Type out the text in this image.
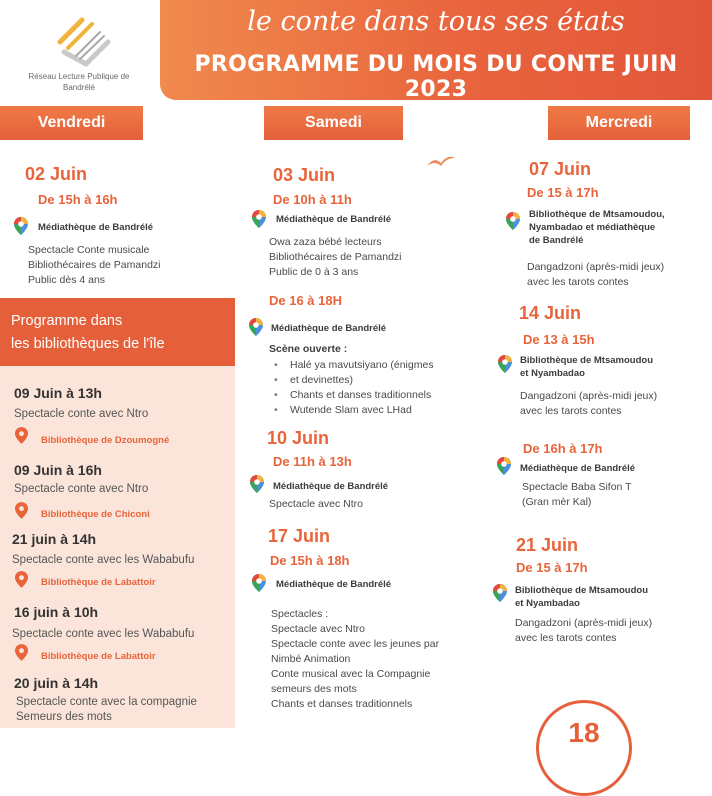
Réseau Lecture Publique de Bandrélé
le conte dans tous ses états
PROGRAMME DU MOIS DU CONTE JUIN 2023
Vendredi	Samedi	Mercredi
02 Juin
De 15h à 16h
Médiathèque de Bandrélé
Spectacle Conte musicale
Bibliothécaires de Pamandzi
Public dès 4 ans
Programme dans
les bibliothèques de l'île
09 Juin à 13h
Spectacle conte avec Ntro
Bibliothèque de Dzoumogné
09 Juin à 16h
Spectacle conte avec Ntro
Bibliothèque de Chiconi
21 juin à 14h
Spectacle conte avec les Wababufu
Bibliothèque de Labattoir
16 juin à 10h
Spectacle conte avec les Wababufu
Bibliothèque de Labattoir
20 juin à 14h
Spectacle conte avec la compagnie
Semeurs des mots
03 Juin
De 10h à 11h
Médiathèque de Bandrélé
Owa zaza bébé lecteurs
Bibliothécaires de Pamandzi
Public de 0 à 3 ans
De 16 à 18H
Médiathèque de Bandrélé
Scène ouverte :
• Halé ya mavutsiyano (énigmes
• et devinettes)
• Chants et danses traditionnels
• Wutende Slam avec LHad
10 Juin
De 11h à 13h
Médiathèque de Bandrélé
Spectacle avec Ntro
17 Juin
De 15h à 18h
Médiathèque de Bandrélé
Spectacles :
Spectacle avec Ntro
Spectacle conte avec les jeunes par
Nimbé Animation
Conte musical avec la Compagnie
semeurs des mots
Chants et danses traditionnels
07 Juin
De 15 à 17h
Bibliothèque de Mtsamoudou,
Nyambadao et médiathèque
de Bandrélé
Dangadzoni (après-midi jeux)
avec les tarots contes
14 Juin
De 13 à 15h
Bibliothèque de Mtsamoudou
et Nyambadao
Dangadzoni (après-midi jeux)
avec les tarots contes
De 16h à 17h
Médiathèque de Bandrélé
Spectacle Baba Sifon T
(Gran mèr Kal)
21 Juin
De 15 à 17h
Bibliothèque de Mtsamoudou
et Nyambadao
Dangadzoni (après-midi jeux)
avec les tarots contes
18
